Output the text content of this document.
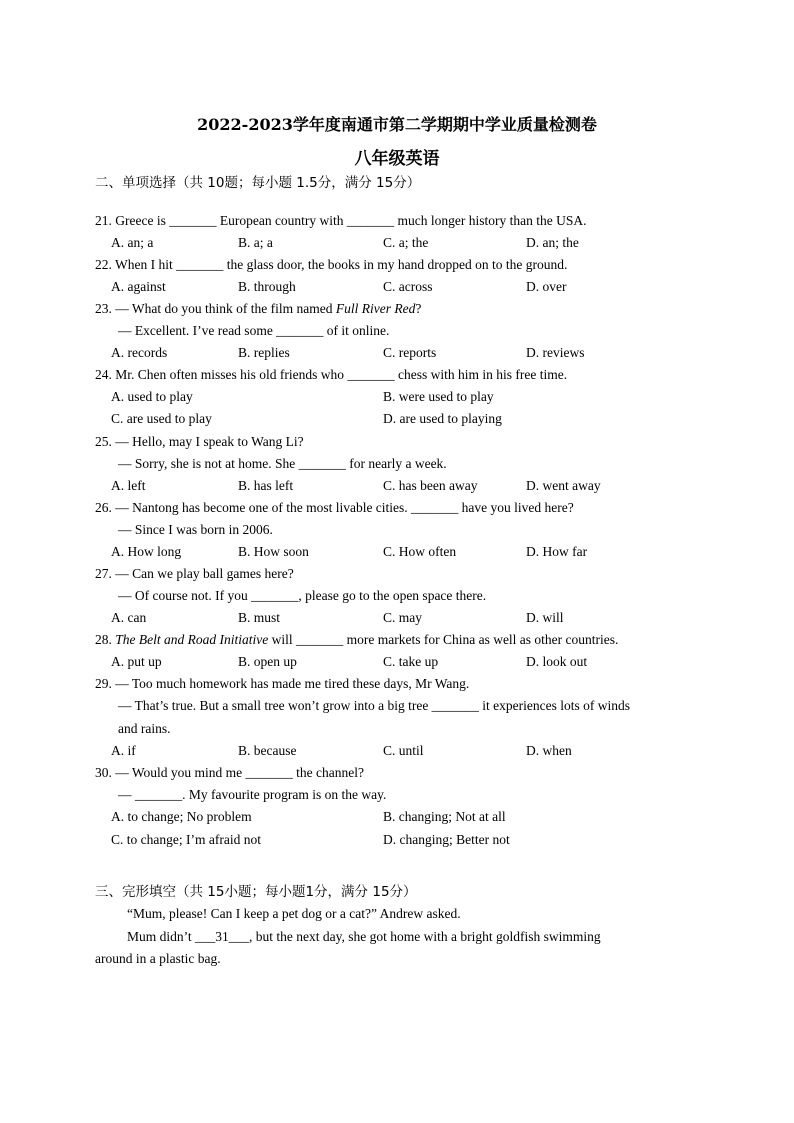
2022-2023学年度南通市第二学期期中学业质量检测卷
八年级英语
二、单项选择（共 10题；每小题 1.5分，满分 15分）
21. Greece is _______ European country with _______ much longer history than the USA.
A. an; a	B. a; a	C. a; the	D. an; the
22. When I hit _______ the glass door, the books in my hand dropped on to the ground.
A. against	B. through	C. across	D. over
23. — What do you think of the film named Full River Red?
— Excellent. I’ve read some _______ of it online.
A. records	B. replies	C. reports	D. reviews
24. Mr. Chen often misses his old friends who _______ chess with him in his free time.
A. used to play	B. were used to play
C. are used to play	D. are used to playing
25. — Hello, may I speak to Wang Li?
— Sorry, she is not at home. She _______ for nearly a week.
A. left	B. has left	C. has been away	D. went away
26. — Nantong has become one of the most livable cities. _______ have you lived here?
— Since I was born in 2006.
A. How long	B. How soon	C. How often	D. How far
27. — Can we play ball games here?
— Of course not. If you _______, please go to the open space there.
A. can	B. must	C. may	D. will
28. The Belt and Road Initiative will _______ more markets for China as well as other countries.
A. put up	B. open up	C. take up	D. look out
29. — Too much homework has made me tired these days, Mr Wang.
— That’s true. But a small tree won’t grow into a big tree _______ it experiences lots of winds
and rains.
A. if	B. because	C. until	D. when
30. — Would you mind me _______ the channel?
— _______. My favourite program is on the way.
A. to change; No problem	B. changing; Not at all
C. to change; I’m afraid not	D. changing; Better not
三、完形填空（共 15小题；每小题1分，满分 15分）
“Mum, please! Can I keep a pet dog or a cat?” Andrew asked.
Mum didn’t ___31___, but the next day, she got home with a bright goldfish swimming
around in a plastic bag.
